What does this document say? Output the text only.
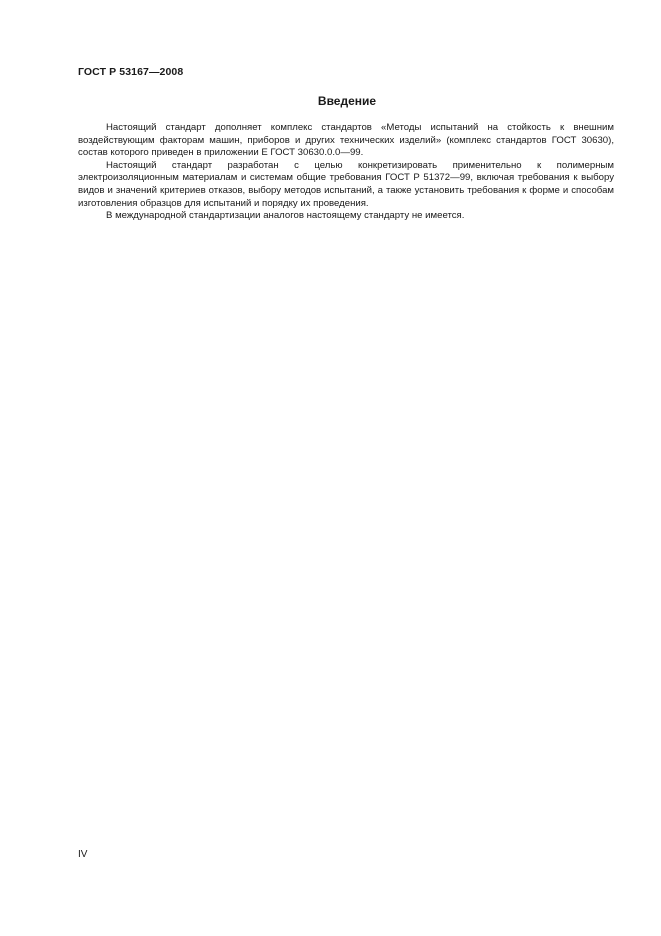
ГОСТ Р 53167—2008
Введение

Настоящий стандарт дополняет комплекс стандартов «Методы испытаний на стойкость к внешним воздействующим факторам машин, приборов и других технических изделий» (комплекс стандартов ГОСТ 30630), состав которого приведен в приложении Е ГОСТ 30630.0.0—99.

Настоящий стандарт разработан с целью конкретизировать применительно к полимерным электроизоляционным материалам и системам общие требования ГОСТ Р 51372—99, включая требования к выбору видов и значений критериев отказов, выбору методов испытаний, а также установить требования к форме и способам изготовления образцов для испытаний и порядку их проведения.

В международной стандартизации аналогов настоящему стандарту не имеется.

IV
